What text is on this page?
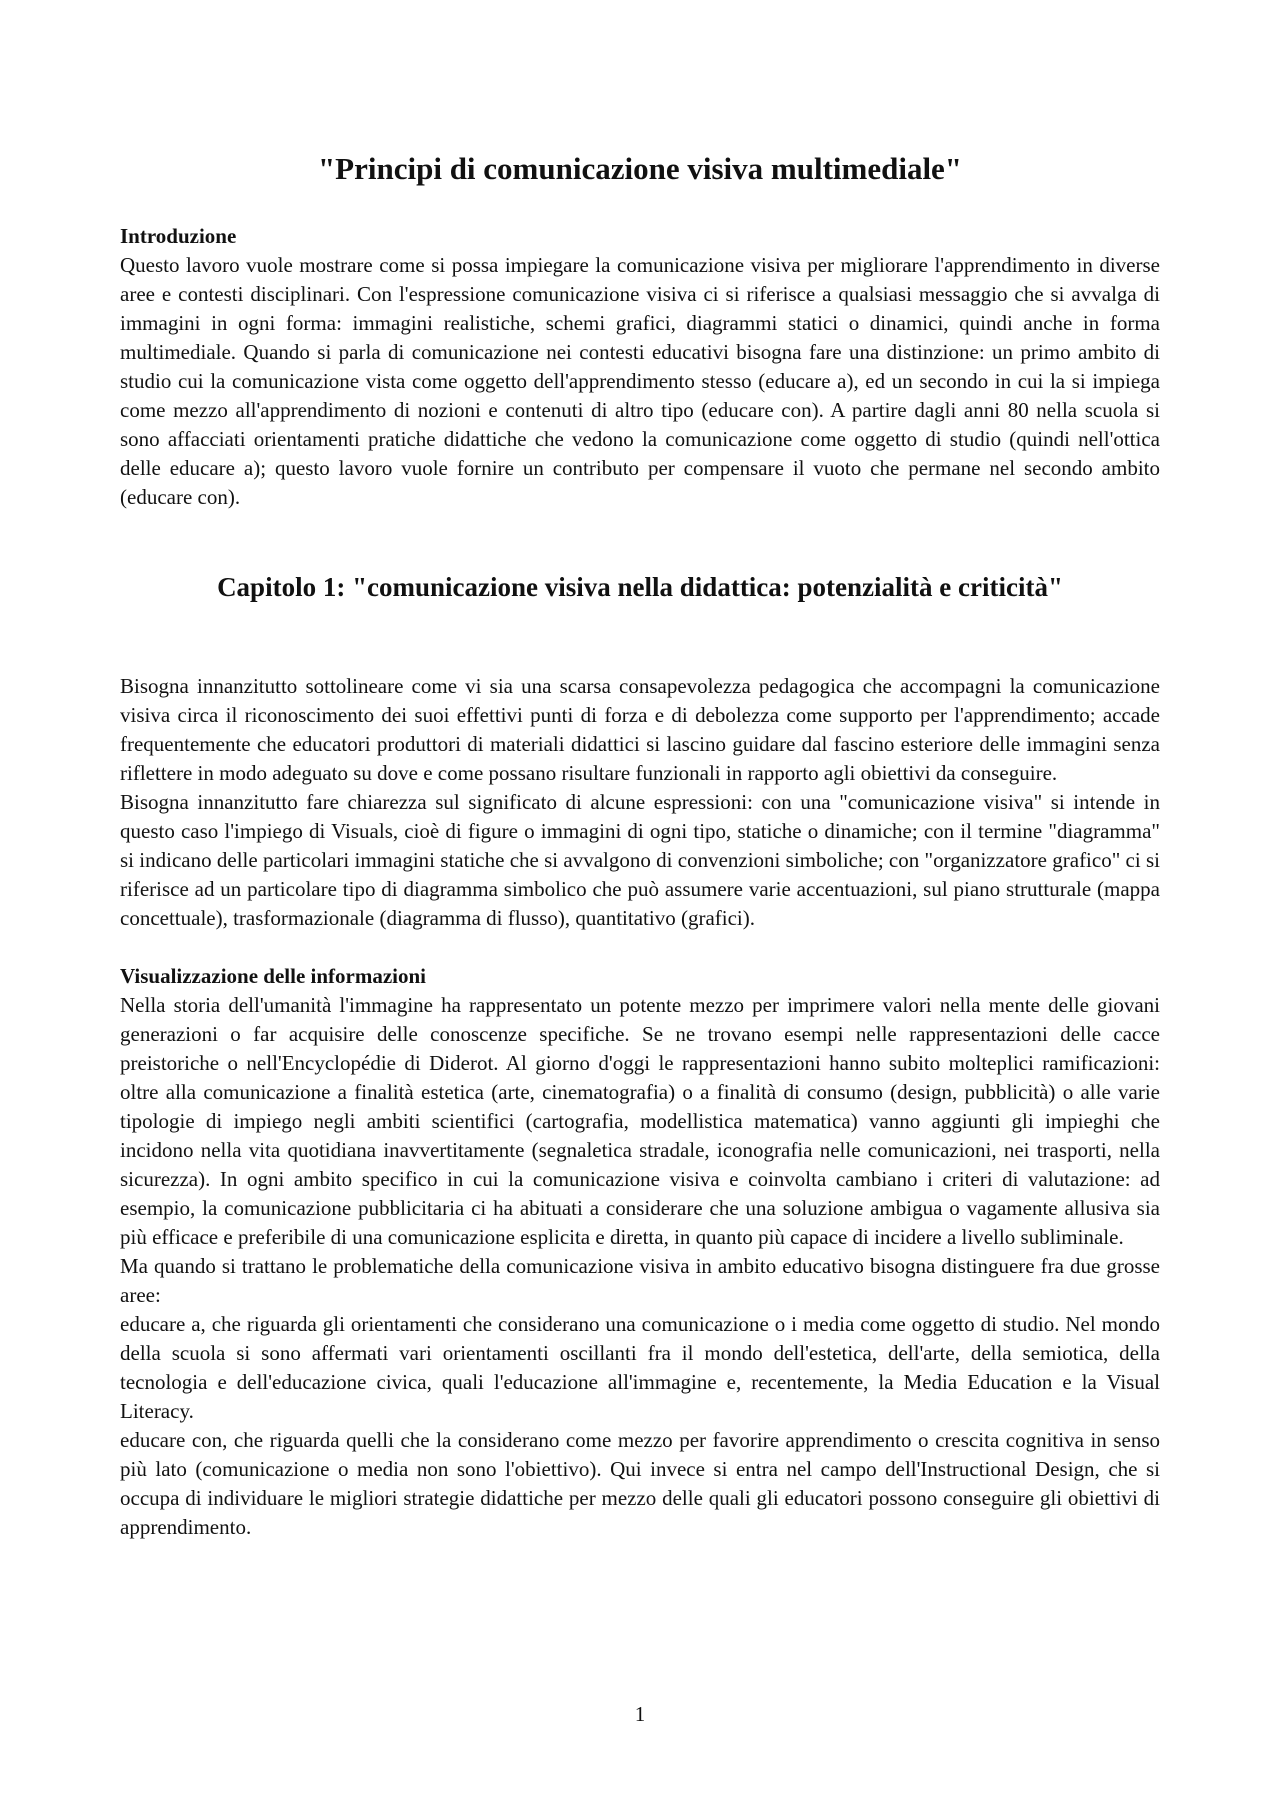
"Principi di comunicazione visiva multimediale"
Introduzione

Questo lavoro vuole mostrare come si possa impiegare la comunicazione visiva per migliorare l'apprendimento in diverse aree e contesti disciplinari. Con l'espressione comunicazione visiva ci si riferisce a qualsiasi messaggio che si avvalga di immagini in ogni forma: immagini realistiche, schemi grafici, diagrammi statici o dinamici, quindi anche in forma multimediale. Quando si parla di comunicazione nei contesti educativi bisogna fare una distinzione: un primo ambito di studio cui la comunicazione vista come oggetto dell'apprendimento stesso (educare a), ed un secondo in cui la si impiega come mezzo all'apprendimento di nozioni e contenuti di altro tipo (educare con). A partire dagli anni 80 nella scuola si sono affacciati orientamenti pratiche didattiche che vedono la comunicazione come oggetto di studio (quindi nell'ottica delle educare a); questo lavoro vuole fornire un contributo per compensare il vuoto che permane nel secondo ambito (educare con).

Capitolo 1: "comunicazione visiva nella didattica: potenzialità e criticità"

Bisogna innanzitutto sottolineare come vi sia una scarsa consapevolezza pedagogica che accompagni la comunicazione visiva circa il riconoscimento dei suoi effettivi punti di forza e di debolezza come supporto per l'apprendimento; accade frequentemente che educatori produttori di materiali didattici si lascino guidare dal fascino esteriore delle immagini senza riflettere in modo adeguato su dove e come possano risultare funzionali in rapporto agli obiettivi da conseguire.

Bisogna innanzitutto fare chiarezza sul significato di alcune espressioni: con una "comunicazione visiva" si intende in questo caso l'impiego di Visuals, cioè di figure o immagini di ogni tipo, statiche o dinamiche; con il termine "diagramma" si indicano delle particolari immagini statiche che si avvalgono di convenzioni simboliche; con "organizzatore grafico" ci si riferisce ad un particolare tipo di diagramma simbolico che può assumere varie accentuazioni, sul piano strutturale (mappa concettuale), trasformazionale (diagramma di flusso), quantitativo (grafici).

Visualizzazione delle informazioni

Nella storia dell'umanità l'immagine ha rappresentato un potente mezzo per imprimere valori nella mente delle giovani generazioni o far acquisire delle conoscenze specifiche. Se ne trovano esempi nelle rappresentazioni delle cacce preistoriche o nell'Encyclopédie di Diderot. Al giorno d'oggi le rappresentazioni hanno subito molteplici ramificazioni: oltre alla comunicazione a finalità estetica (arte, cinematografia) o a finalità di consumo (design, pubblicità) o alle varie tipologie di impiego negli ambiti scientifici (cartografia, modellistica matematica) vanno aggiunti gli impieghi che incidono nella vita quotidiana inavvertitamente (segnaletica stradale, iconografia nelle comunicazioni, nei trasporti, nella sicurezza). In ogni ambito specifico in cui la comunicazione visiva e coinvolta cambiano i criteri di valutazione: ad esempio, la comunicazione pubblicitaria ci ha abituati a considerare che una soluzione ambigua o vagamente allusiva sia più efficace e preferibile di una comunicazione esplicita e diretta, in quanto più capace di incidere a livello subliminale.

Ma quando si trattano le problematiche della comunicazione visiva in ambito educativo bisogna distinguere fra due grosse aree:

educare a, che riguarda gli orientamenti che considerano una comunicazione o i media come oggetto di studio. Nel mondo della scuola si sono affermati vari orientamenti oscillanti fra il mondo dell'estetica, dell'arte, della semiotica, della tecnologia e dell'educazione civica, quali l'educazione all'immagine e, recentemente, la Media Education e la Visual Literacy.

educare con, che riguarda quelli che la considerano come mezzo per favorire apprendimento o crescita cognitiva in senso più lato (comunicazione o media non sono l'obiettivo). Qui invece si entra nel campo dell'Instructional Design, che si occupa di individuare le migliori strategie didattiche per mezzo delle quali gli educatori possono conseguire gli obiettivi di apprendimento.

1
